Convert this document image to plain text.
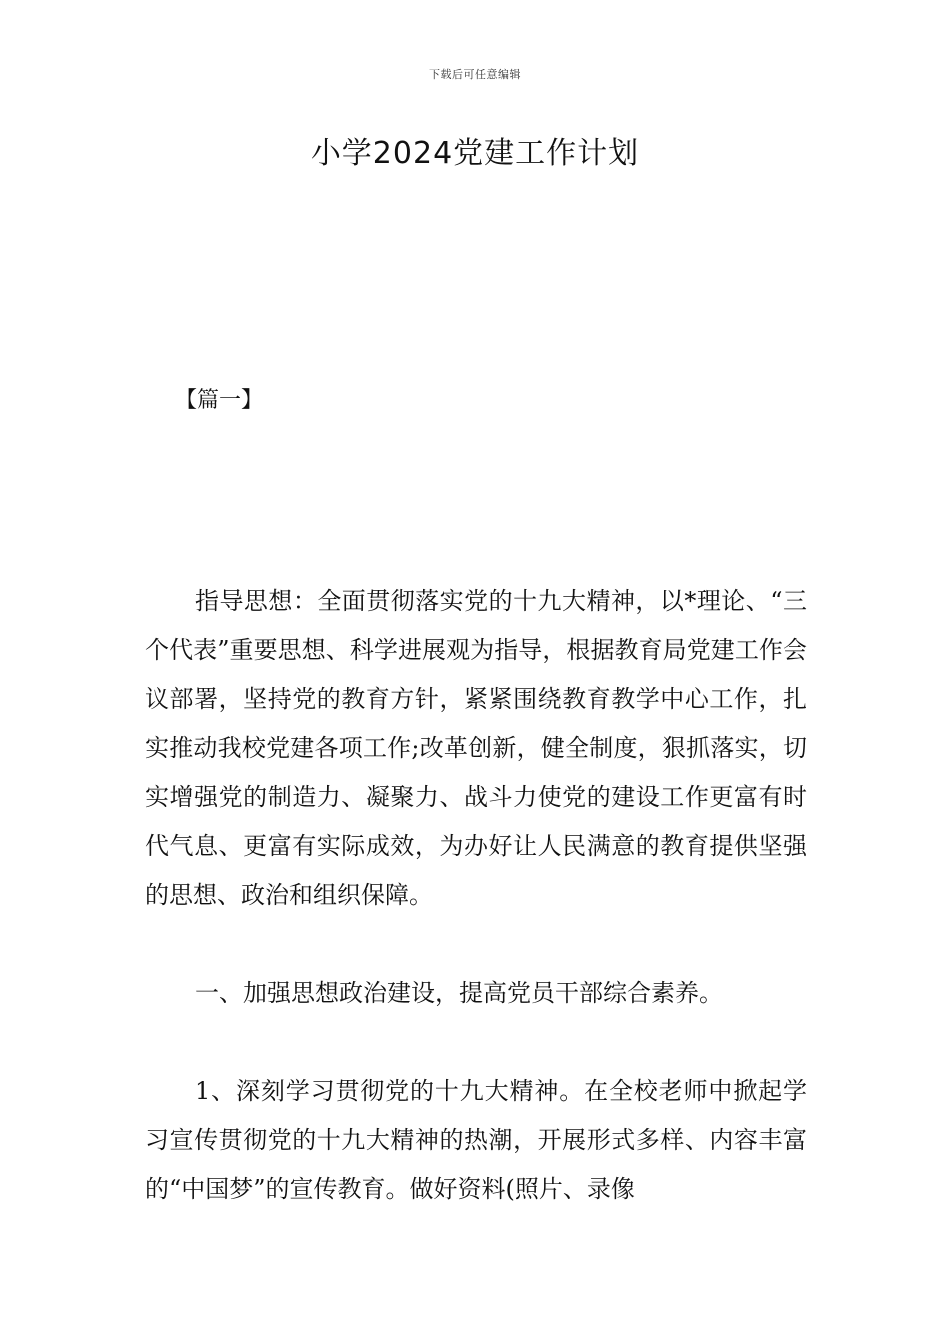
下载后可任意编辑
小学2024党建工作计划
【篇一】

指导思想：全面贯彻落实党的十九大精神，以*理论、“三个代表”重要思想、科学进展观为指导，根据教育局党建工作会议部署，坚持党的教育方针，紧紧围绕教育教学中心工作，扎实推动我校党建各项工作;改革创新，健全制度，狠抓落实，切实增强党的制造力、凝聚力、战斗力使党的建设工作更富有时代气息、更富有实际成效，为办好让人民满意的教育提供坚强的思想、政治和组织保障。

一、加强思想政治建设，提高党员干部综合素养。

1、深刻学习贯彻党的十九大精神。在全校老师中掀起学习宣传贯彻党的十九大精神的热潮，开展形式多样、内容丰富的“中国梦”的宣传教育。做好资料(照片、录像
